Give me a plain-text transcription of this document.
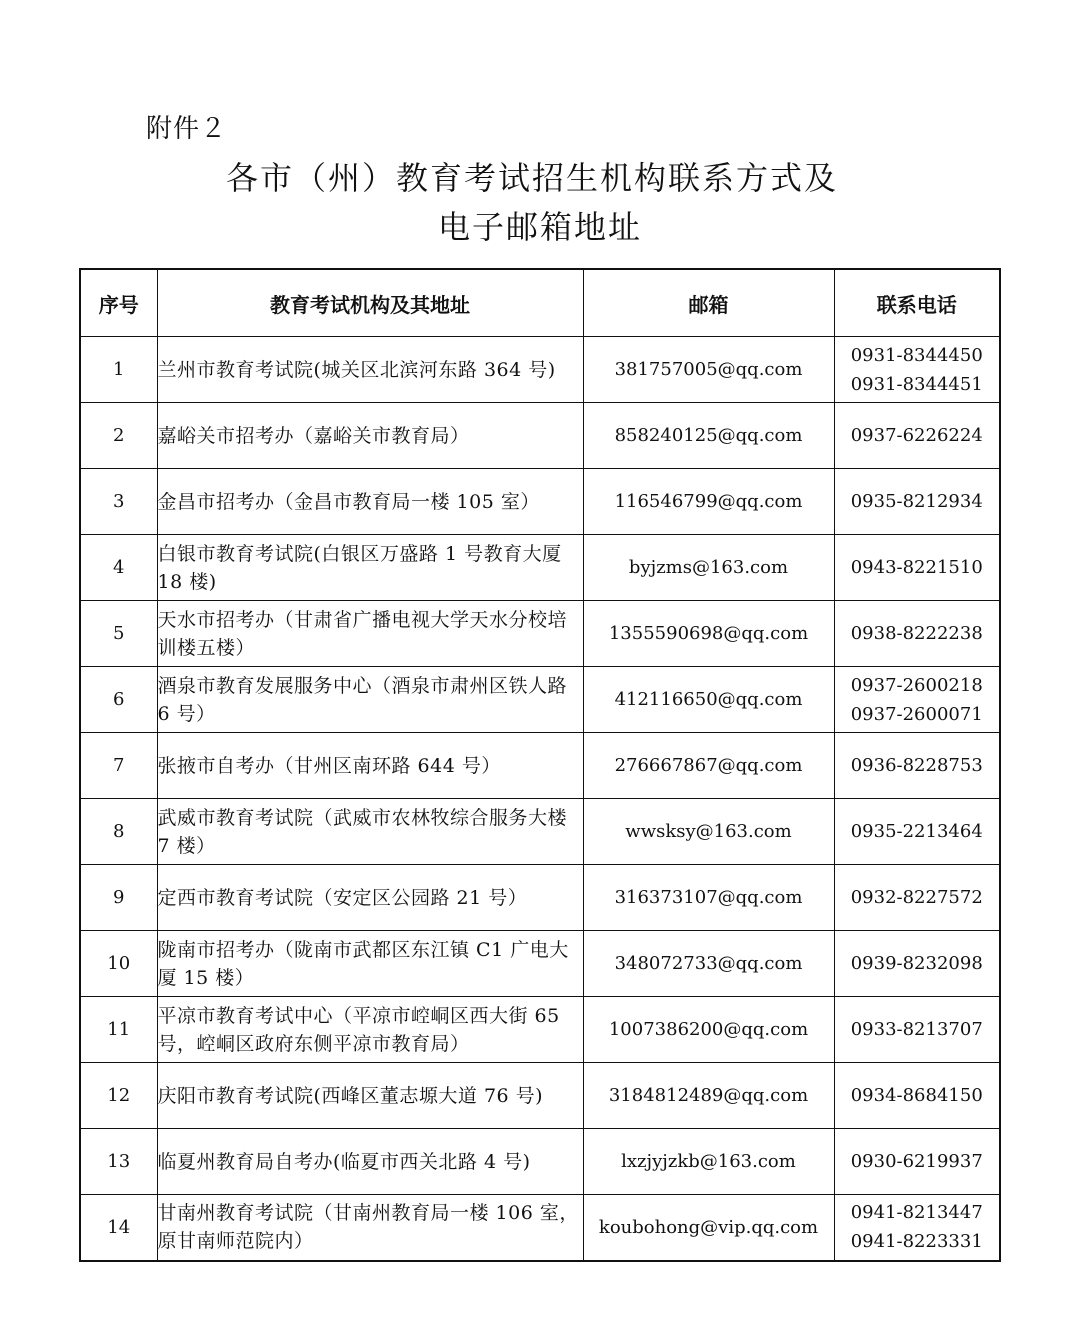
附件２
各市（州）教育考试招生机构联系方式及
电子邮箱地址
序号	教育考试机构及其地址	邮箱	联系电话
1	兰州市教育考试院(城关区北滨河东路 364 号)	381757005@qq.com	0931-8344450
0931-8344451

2	嘉峪关市招考办（嘉峪关市教育局）	858240125@qq.com	0937-6226224

3	金昌市招考办（金昌市教育局一楼 105 室）	116546799@qq.com	0935-8212934

4	白银市教育考试院(白银区万盛路 1 号教育大厦 18 楼)	byjzms@163.com	0943-8221510

5	天水市招考办（甘肃省广播电视大学天水分校培训楼五楼）	1355590698@qq.com	0938-8222238

6	酒泉市教育发展服务中心（酒泉市肃州区铁人路 6 号）	412116650@qq.com	0937-2600218
0937-2600071

7	张掖市自考办（甘州区南环路 644 号）	276667867@qq.com	0936-8228753

8	武威市教育考试院（武威市农林牧综合服务大楼 7 楼）	wwsksy@163.com	0935-2213464

9	定西市教育考试院（安定区公园路 21 号）	316373107@qq.com	0932-8227572

10	陇南市招考办（陇南市武都区东江镇 C1 广电大厦 15 楼）	348072733@qq.com	0939-8232098

11	平凉市教育考试中心（平凉市崆峒区西大街 65 号，崆峒区政府东侧平凉市教育局）	1007386200@qq.com	0933-8213707

12	庆阳市教育考试院(西峰区董志塬大道 76 号)	3184812489@qq.com	0934-8684150

13	临夏州教育局自考办(临夏市西关北路 4 号)	lxzjyjzkb@163.com	0930-6219937

14	甘南州教育考试院（甘南州教育局一楼 106 室，原甘南师范院内）	koubohong@vip.qq.com	0941-8213447
0941-8223331
